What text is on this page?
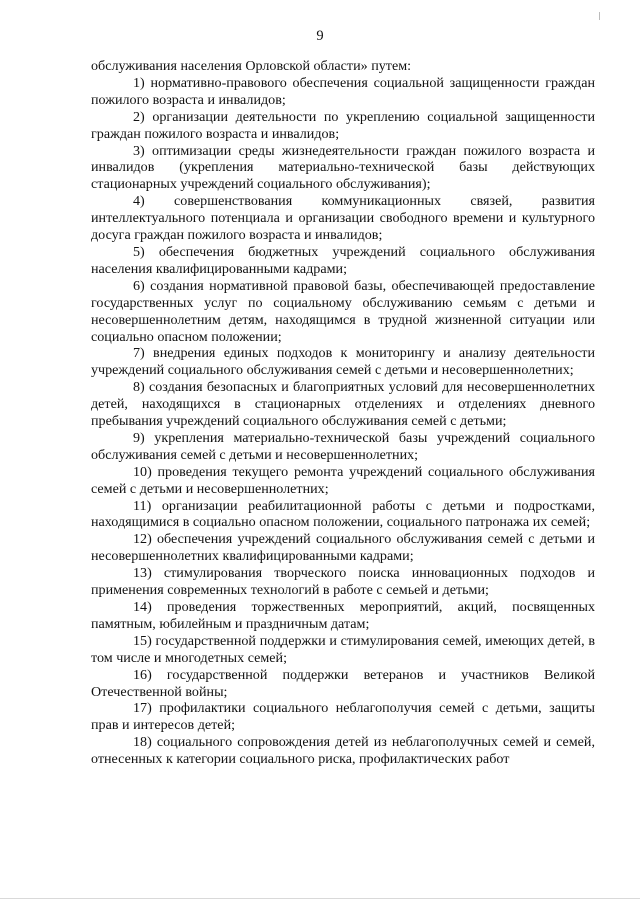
9

обслуживания населения Орловской области» путем:

1) нормативно-правового обеспечения социальной защищенности граждан пожилого возраста и инвалидов;

2) организации деятельности по укреплению социальной защищенности граждан пожилого возраста и инвалидов;

3) оптимизации среды жизнедеятельности граждан пожилого возраста и инвалидов (укрепления материально-технической базы действующих стационарных учреждений социального обслуживания);

4) совершенствования коммуникационных связей, развития интеллектуального потенциала и организации свободного времени и культурного досуга граждан пожилого возраста и инвалидов;

5) обеспечения бюджетных учреждений социального обслуживания населения квалифицированными кадрами;

6) создания нормативной правовой базы, обеспечивающей предоставление государственных услуг по социальному обслуживанию семьям с детьми и несовершеннолетним детям, находящимся в трудной жизненной ситуации или социально опасном положении;

7) внедрения единых подходов к мониторингу и анализу деятельности учреждений социального обслуживания семей с детьми и несовершеннолетних;

8) создания безопасных и благоприятных условий для несовершеннолетних детей, находящихся в стационарных отделениях и отделениях дневного пребывания учреждений социального обслуживания семей с детьми;

9) укрепления материально-технической базы учреждений социального обслуживания семей с детьми и несовершеннолетних;

10) проведения текущего ремонта учреждений социального обслуживания семей с детьми и несовершеннолетних;

11) организации реабилитационной работы с детьми и подростками, находящимися в социально опасном положении, социального патронажа их семей;

12) обеспечения учреждений социального обслуживания семей с детьми и несовершеннолетних квалифицированными кадрами;

13) стимулирования творческого поиска инновационных подходов и применения современных технологий в работе с семьей и детьми;

14) проведения торжественных мероприятий, акций, посвященных памятным, юбилейным и праздничным датам;

15) государственной поддержки и стимулирования семей, имеющих детей, в том числе и многодетных семей;

16) государственной поддержки ветеранов и участников Великой Отечественной войны;

17) профилактики социального неблагополучия семей с детьми, защиты прав и интересов детей;

18) социального сопровождения детей из неблагополучных семей и семей, отнесенных к категории социального риска, профилактических работ
